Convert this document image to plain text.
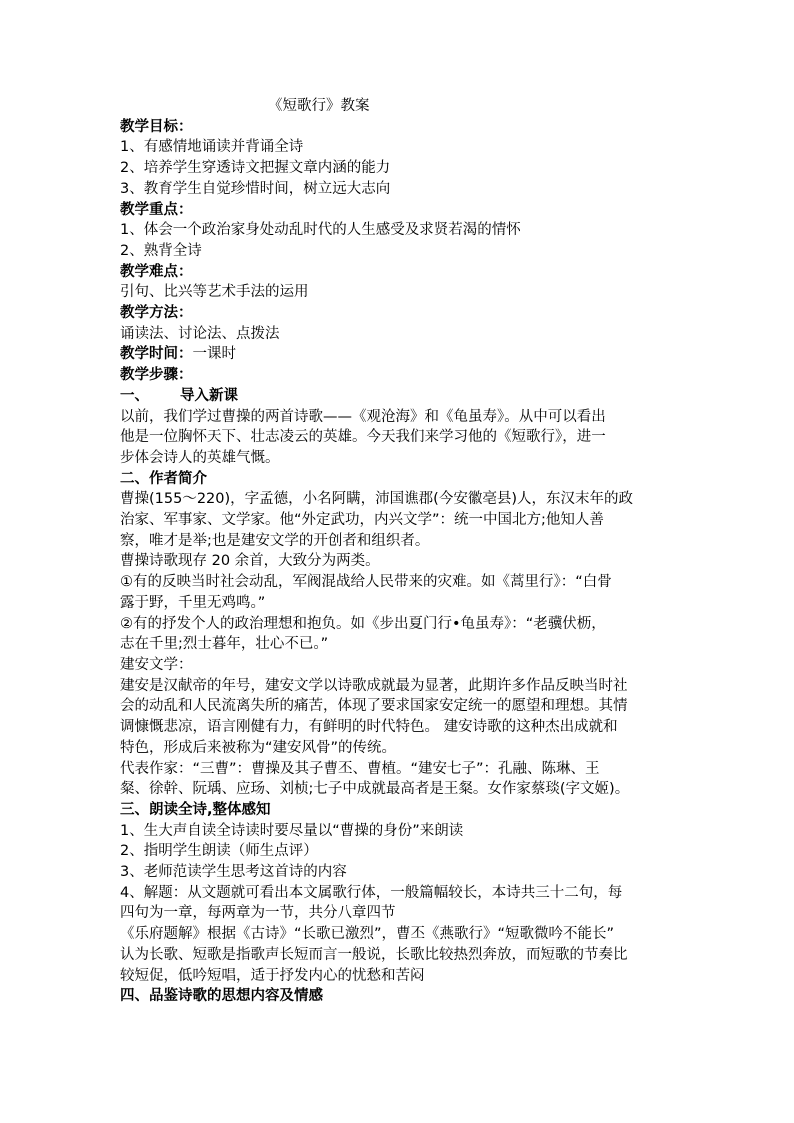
《短歌行》教案
教学目标：
1、有感情地诵读并背诵全诗
2、培养学生穿透诗文把握文章内涵的能力
3、教育学生自觉珍惜时间，树立远大志向
教学重点：
1、体会一个政治家身处动乱时代的人生感受及求贤若渴的情怀
2、熟背全诗
教学难点：
引句、比兴等艺术手法的运用
教学方法：
诵读法、讨论法、点拨法
教学时间：一课时
教学步骤：
一、 导入新课
以前，我们学过曹操的两首诗歌——《观沧海》和《龟虽寿》。从中可以看出
他是一位胸怀天下、壮志凌云的英雄。今天我们来学习他的《短歌行》，进一
步体会诗人的英雄气慨。
二、作者简介
曹操(155～220)，字孟德，小名阿瞒，沛国谯郡(今安徽亳县)人，东汉末年的政
治家、军事家、文学家。他“外定武功，内兴文学”：统一中国北方;他知人善
察，唯才是举;也是建安文学的开创者和组织者。
曹操诗歌现存 20 余首，大致分为两类。
①有的反映当时社会动乱，军阀混战给人民带来的灾难。如《蒿里行》：“白骨
露于野，千里无鸡鸣。”
②有的抒发个人的政治理想和抱负。如《步出夏门行•龟虽寿》：“老骥伏枥，
志在千里;烈士暮年，壮心不已。”
建安文学：
建安是汉献帝的年号，建安文学以诗歌成就最为显著，此期许多作品反映当时社
会的动乱和人民流离失所的痛苦，体现了要求国家安定统一的愿望和理想。其情
调慷慨悲凉，语言刚健有力，有鲜明的时代特色。 建安诗歌的这种杰出成就和
特色，形成后来被称为“建安风骨”的传统。
代表作家：“三曹”：曹操及其子曹丕、曹植。“建安七子”：孔融、陈琳、王
粲、徐幹、阮瑀、应玚、刘桢;七子中成就最高者是王粲。女作家蔡琰(字文姬)。
三、朗读全诗,整体感知
1、生大声自读全诗读时要尽量以“曹操的身份”来朗读
2、指明学生朗读（师生点评）
3、老师范读学生思考这首诗的内容
4、解题：从文题就可看出本文属歌行体，一般篇幅较长，本诗共三十二句，每
四句为一章，每两章为一节，共分八章四节
《乐府题解》根据《古诗》“长歌已激烈”，曹丕《燕歌行》“短歌微吟不能长”
认为长歌、短歌是指歌声长短而言一般说，长歌比较热烈奔放，而短歌的节奏比
较短促，低吟短唱，适于抒发内心的忧愁和苦闷
四、品鉴诗歌的思想内容及情感
